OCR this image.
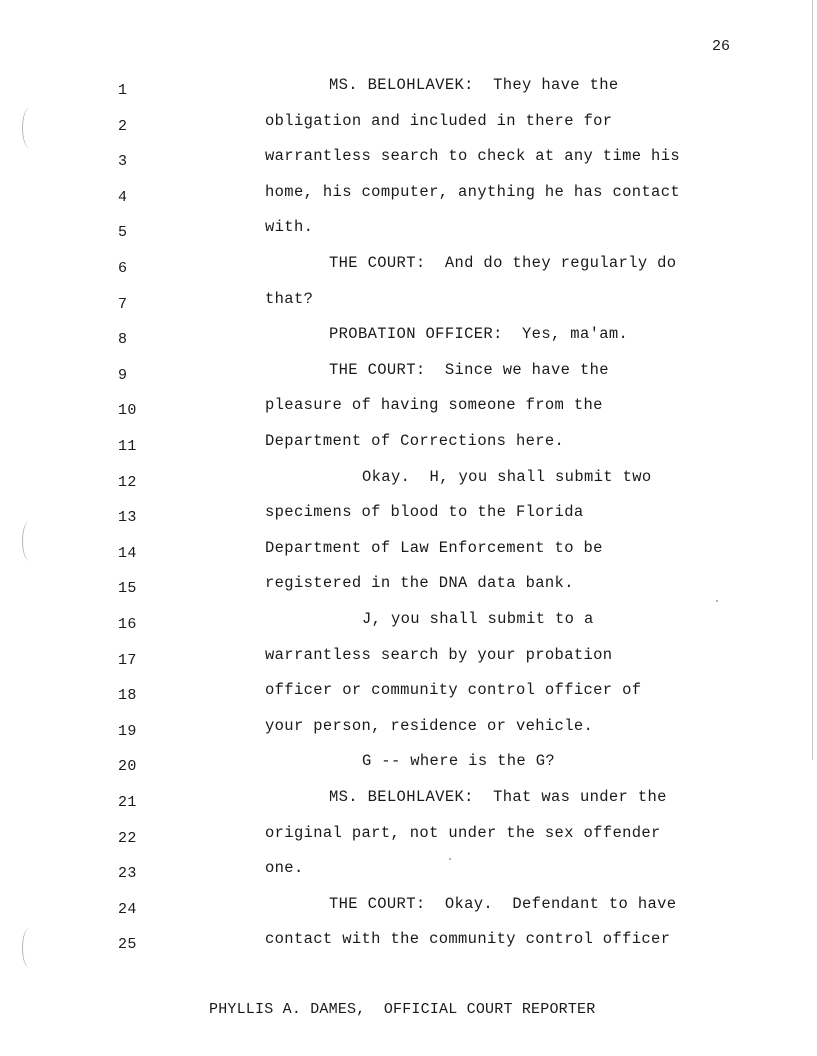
26
1	MS. BELOHLAVEK:  They have the
2	obligation and included in there for
3	warrantless search to check at any time his
4	home, his computer, anything he has contact
5	with.
6	THE COURT:  And do they regularly do
7	that?
8	PROBATION OFFICER:  Yes, ma'am.
9	THE COURT:  Since we have the
10	pleasure of having someone from the
11	Department of Corrections here.
12	Okay.  H, you shall submit two
13	specimens of blood to the Florida
14	Department of Law Enforcement to be
15	registered in the DNA data bank.
16	J, you shall submit to a
17	warrantless search by your probation
18	officer or community control officer of
19	your person, residence or vehicle.
20	G -- where is the G?
21	MS. BELOHLAVEK:  That was under the
22	original part, not under the sex offender
23	one.
24	THE COURT:  Okay.  Defendant to have
25	contact with the community control officer
PHYLLIS A. DAMES,  OFFICIAL COURT REPORTER
